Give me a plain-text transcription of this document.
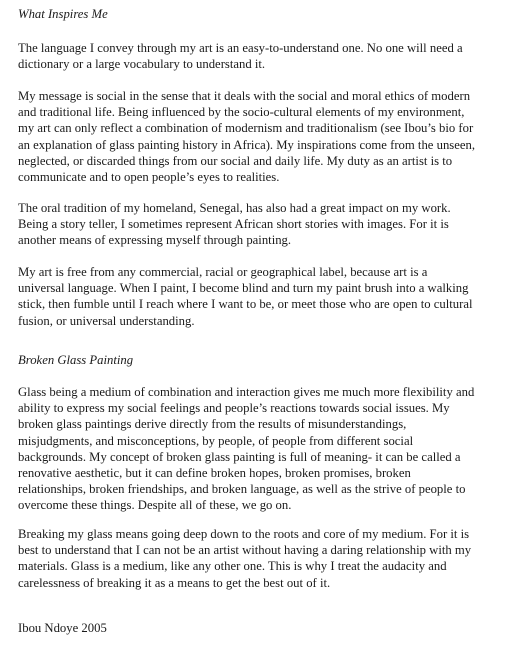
What Inspires Me

The language I convey through my art is an easy-to-understand one. No one will need a
dictionary or a large vocabulary to understand it.
My message is social in the sense that it deals with the social and moral ethics of modern
and traditional life. Being influenced by the socio-cultural elements of my environment,
my art can only reflect a combination of modernism and traditionalism (see Ibou’s bio for
an explanation of glass painting history in Africa). My inspirations come from the unseen,
neglected, or discarded things from our social and daily life. My duty as an artist is to
communicate and to open people’s eyes to realities.
The oral tradition of my homeland, Senegal, has also had a great impact on my work.
Being a story teller, I sometimes represent African short stories with images. For it is
another means of expressing myself through painting.
My art is free from any commercial, racial or geographical label, because art is a
universal language. When I paint, I become blind and turn my paint brush into a walking
stick, then fumble until I reach where I want to be, or meet those who are open to cultural
fusion, or universal understanding.

Broken Glass Painting

Glass being a medium of combination and interaction gives me much more flexibility and
ability to express my social feelings and people’s reactions towards social issues. My
broken glass paintings derive directly from the results of misunderstandings,
misjudgments, and misconceptions, by people, of people from different social
backgrounds. My concept of broken glass painting is full of meaning- it can be called a
renovative aesthetic, but it can define broken hopes, broken promises, broken
relationships, broken friendships, and broken language, as well as the strive of people to
overcome these things. Despite all of these, we go on.
Breaking my glass means going deep down to the roots and core of my medium. For it is
best to understand that I can not be an artist without having a daring relationship with my
materials. Glass is a medium, like any other one. This is why I treat the audacity and
carelessness of breaking it as a means to get the best out of it.

Ibou Ndoye 2005
